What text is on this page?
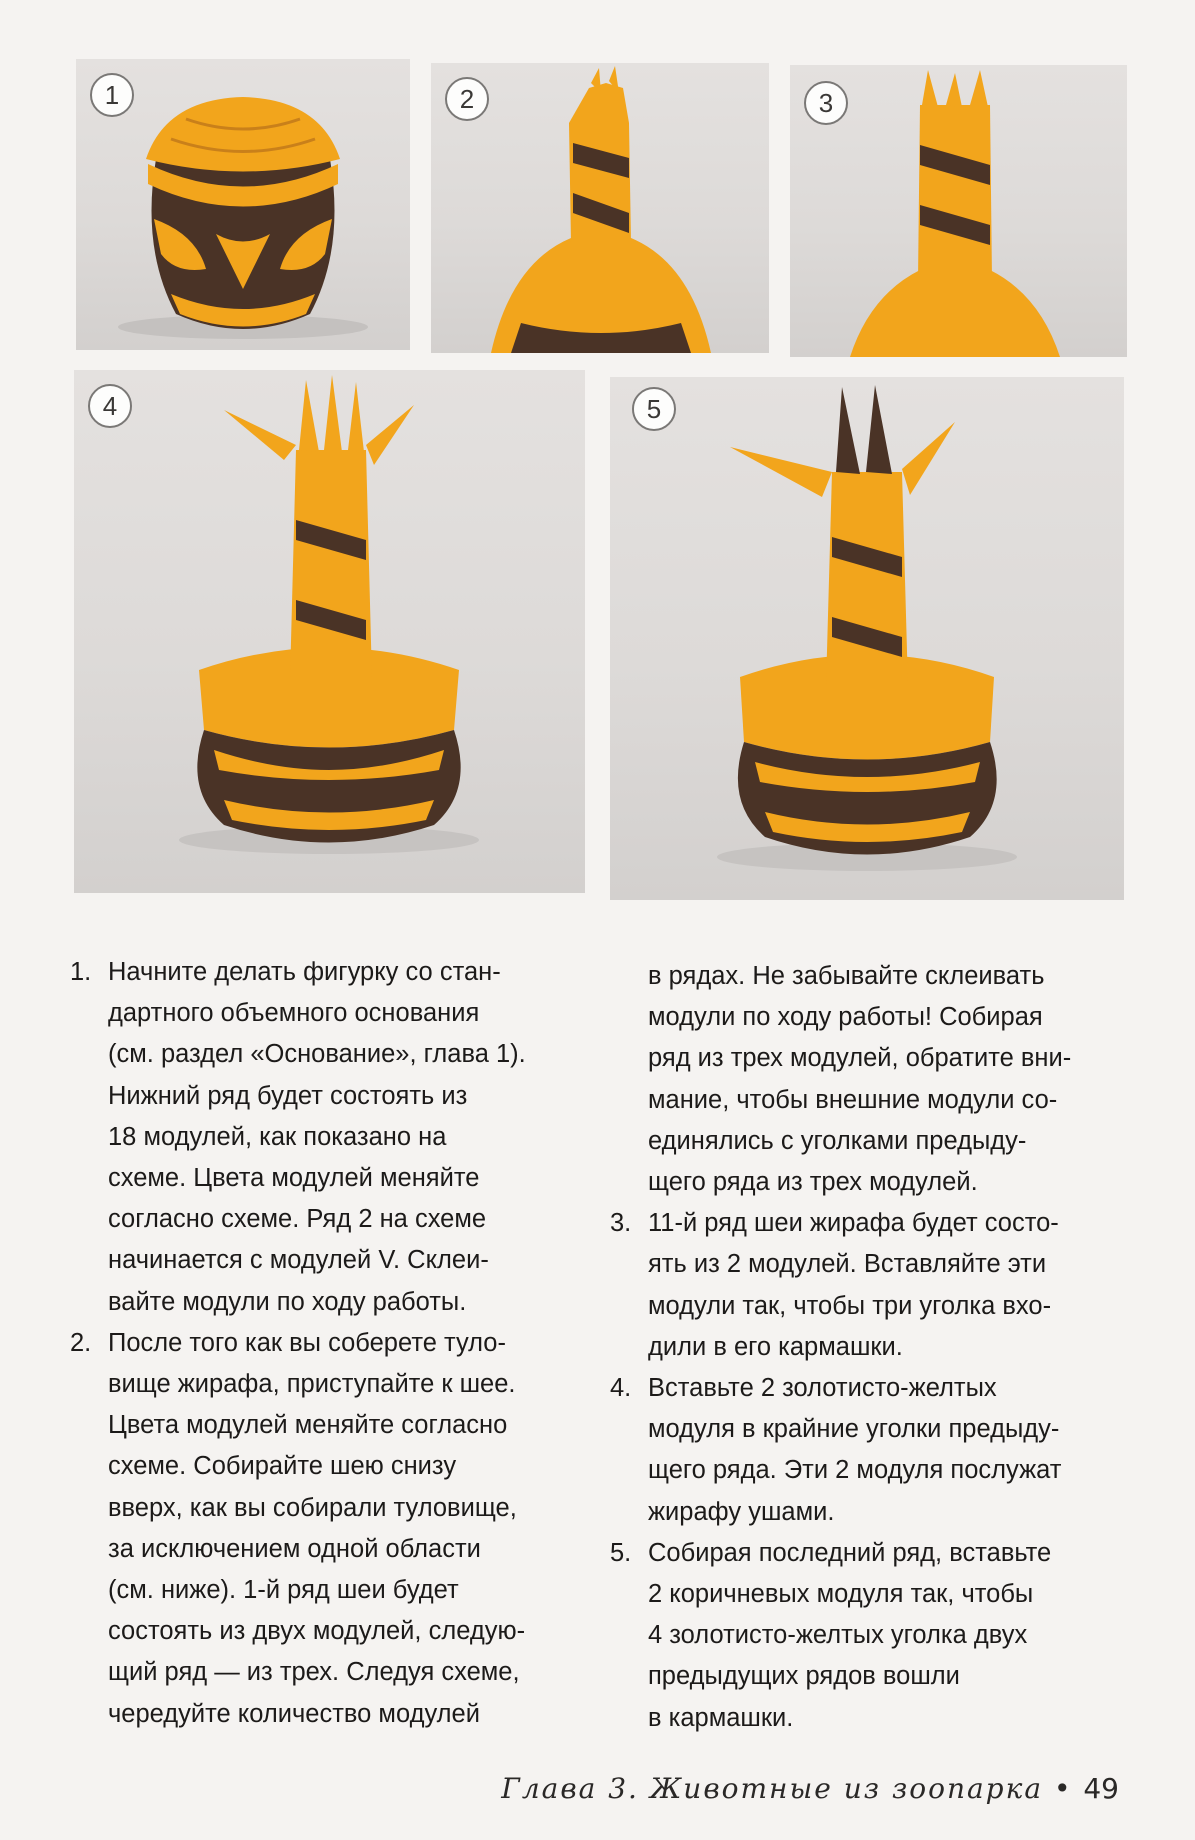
1	2	3
4	5
1. Начните делать фигурку со стан-
дартного объемного основания
(см. раздел «Основание», глава 1).
Нижний ряд будет состоять из
18 модулей, как показано на
схеме. Цвета модулей меняйте
согласно схеме. Ряд 2 на схеме
начинается с модулей V. Склеи-
вайте модули по ходу работы.
2. После того как вы соберете туло-
вище жирафа, приступайте к шее.
Цвета модулей меняйте согласно
схеме. Собирайте шею снизу
вверх, как вы собирали туловище,
за исключением одной области
(см. ниже). 1-й ряд шеи будет
состоять из двух модулей, следую-
щий ряд — из трех. Следуя схеме,
чередуйте количество модулей
в рядах. Не забывайте склеивать
модули по ходу работы! Собирая
ряд из трех модулей, обратите вни-
мание, чтобы внешние модули со-
единялись с уголками предыду-
щего ряда из трех модулей.
3. 11-й ряд шеи жирафа будет состо-
ять из 2 модулей. Вставляйте эти
модули так, чтобы три уголка вхо-
дили в его кармашки.
4. Вставьте 2 золотисто-желтых
модуля в крайние уголки предыду-
щего ряда. Эти 2 модуля послужат
жирафу ушами.
5. Собирая последний ряд, вставьте
2 коричневых модуля так, чтобы
4 золотисто-желтых уголка двух
предыдущих рядов вошли
в кармашки.
Глава 3. Животные из зоопарка • 49
